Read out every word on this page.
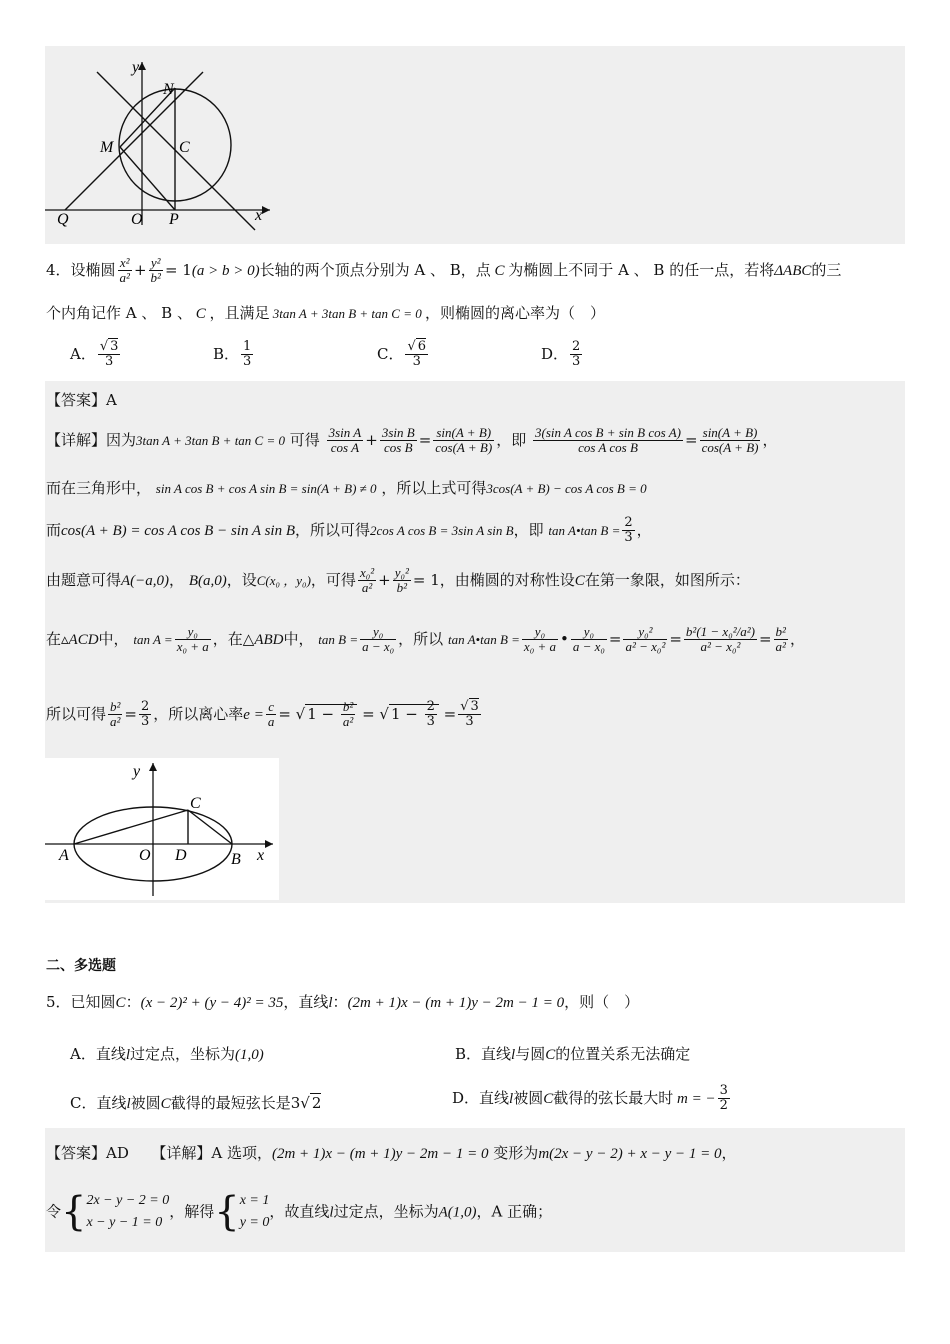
y
x
N
M	C
Q	O P
4．设椭圆 $\frac{\text{x²}}{\text{a²}} + \frac{\text{y²}}{\text{b²}} = 1(a > b > 0)$长轴的两个顶点分别为 A 、 B，点 C 为椭圆上不同于 A 、 B 的任一点，若将ΔABC的三
个内角记作 A 、 B 、 C ，且满足 3tan A + 3tan B + tan C = 0 ，则椭圆的离心率为（　）
A． $\frac{√ 3}{3}$	B． $\frac{1}{3}$	C． $\frac{√ 6}{3}$	D． $\frac{2}{3}$
【答案】A
【详解】因为3tan A + 3tan B + tan C = 0 可得 $\frac{\text{3sin A}}{\text{cos A}} + \frac{\text{3sin B}}{\text{cos B}} = \frac{\sin(A + B)}{\cos(A + B)}$ ，即 $\frac{\text{3(sin A cos B + sin B cos A)}}{\text{cos A cos B}} = \frac{\sin(A + B)}{\cos(A + B)}$ ，
而在三角形中， sin A cos B + cos A sin B = sin(A + B) ≠ 0 ，所以上式可得3cos(A + B) − cos A cos B = 0
而cos(A + B) = cos A cos B − sin A sin B，所以可得2cos A cos B = 3sin A sin B，即 tan A•tan $B = \frac{2}{3}$ ，
由题意可得A(−a,0)， B(a,0)，设C(x₀ ，y₀)，可得 $\frac{\text{x₀²}}{\text{a²}} + \frac{\text{y₀²}}{\text{b²}} = 1$，由椭圆的对称性设C在第一象限，如图所示：
在▵ACD中， $\tan A = \frac{\text{y₀}}{\text{x₀ + a}}$ ，在△ABD中， $\tan B = \frac{\text{y₀}}{\text{a − x₀}}$ ，所以 tan A•tan $B = \frac{\text{y₀}}{\text{x₀ + a}}$ • $\frac{\text{y₀}}{\text{a − x₀}} = \frac{\text{y₀²}}{\text{a² − x₀²}} = \frac{\text{b²(1 − x₀²/a²)}}{\text{a² − x₀²}} = \frac{\text{b²}}{\text{a²}}$ ，
所以可得 $\frac{\text{b²}}{\text{a²}} = \frac{2}{3}$ ，所以离心率$e = \frac{c}{a}$ = √ $1 - \frac{\text{b²}}{\text{a²}}$ = √ $1 - \frac{2}{3} = \frac{√ 3}{3}$
y
x
C
A	O D	B
二、多选题
5．已知圆C：(x − 2)² + (y − 4)² = 35，直线l：(2m + 1)x − (m + 1)y − 2m − 1 = 0，则（　）
A．直线l过定点，坐标为(1,0)	B．直线l与圆C的位置关系无法确定
C．直线l被圆C截得的最短弦长是3√ 2	D．直线l被圆C截得的弦长最大时 m = − $\frac{3}{2}$
【答案】AD　　 【详解】A 选项，(2m + 1)x − (m + 1)y − 2m − 1 = 0 变形为m(2x − y − 2) + x − y − 1 = 0，
令{ 2x − y − 2 = 0
x − y − 1 = 0
，解得{ x = 1
y = 0
，故直线l过定点，坐标为A(1,0)，A 正确；
